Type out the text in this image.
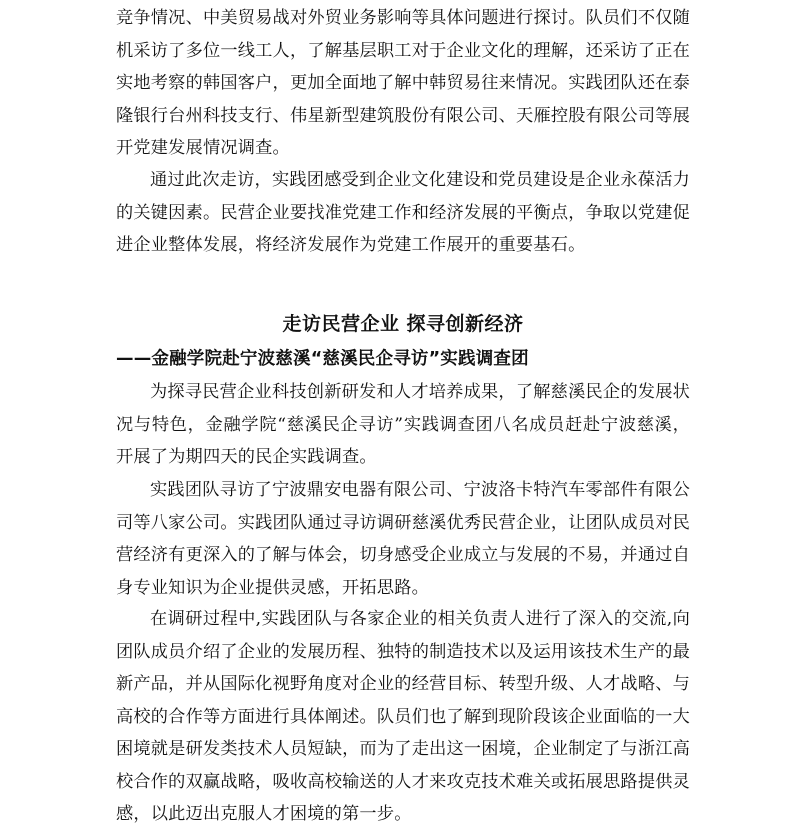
竞争情况、中美贸易战对外贸业务影响等具体问题进行探讨。队员们不仅随机采访了多位一线工人，了解基层职工对于企业文化的理解，还采访了正在实地考察的韩国客户，更加全面地了解中韩贸易往来情况。实践团队还在泰隆银行台州科技支行、伟星新型建筑股份有限公司、天雁控股有限公司等展开党建发展情况调查。

通过此次走访，实践团感受到企业文化建设和党员建设是企业永葆活力的关键因素。民营企业要找准党建工作和经济发展的平衡点，争取以党建促进企业整体发展，将经济发展作为党建工作展开的重要基石。

走访民营企业 探寻创新经济
——金融学院赴宁波慈溪“慈溪民企寻访”实践调查团

为探寻民营企业科技创新研发和人才培养成果，了解慈溪民企的发展状况与特色，金融学院“慈溪民企寻访”实践调查团八名成员赶赴宁波慈溪，开展了为期四天的民企实践调查。

实践团队寻访了宁波鼎安电器有限公司、宁波洛卡特汽车零部件有限公司等八家公司。实践团队通过寻访调研慈溪优秀民营企业，让团队成员对民营经济有更深入的了解与体会，切身感受企业成立与发展的不易，并通过自身专业知识为企业提供灵感，开拓思路。

在调研过程中,实践团队与各家企业的相关负责人进行了深入的交流,向团队成员介绍了企业的发展历程、独特的制造技术以及运用该技术生产的最新产品，并从国际化视野角度对企业的经营目标、转型升级、人才战略、与高校的合作等方面进行具体阐述。队员们也了解到现阶段该企业面临的一大困境就是研发类技术人员短缺，而为了走出这一困境，企业制定了与浙江高校合作的双赢战略，吸收高校输送的人才来攻克技术难关或拓展思路提供灵感，以此迈出克服人才困境的第一步。
